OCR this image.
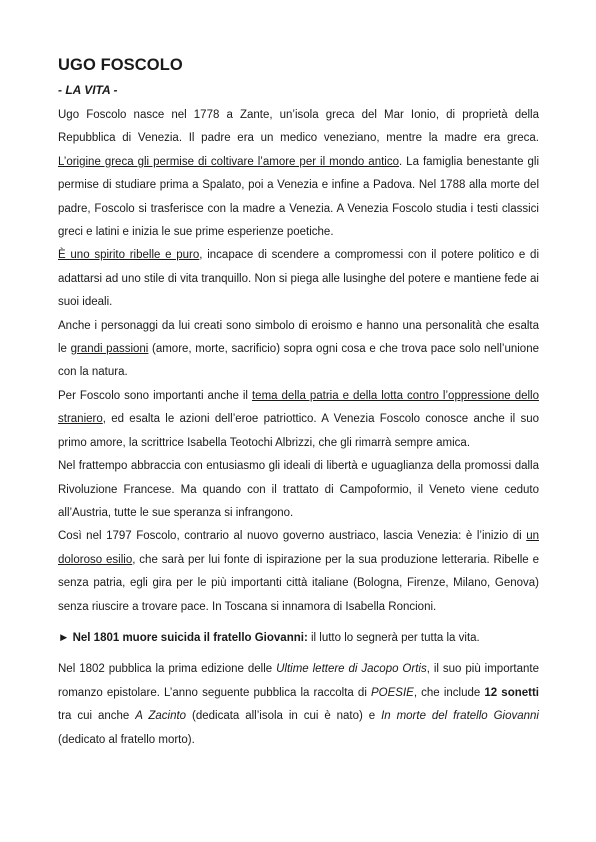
UGO FOSCOLO
- LA VITA -

Ugo Foscolo nasce nel 1778 a Zante, un’isola greca del Mar Ionio, di proprietà della Repubblica di Venezia. Il padre era un medico veneziano, mentre la madre era greca. L’origine greca gli permise di coltivare l’amore per il mondo antico. La famiglia benestante gli permise di studiare prima a Spalato, poi a Venezia e infine a Padova. Nel 1788 alla morte del padre, Foscolo si trasferisce con la madre a Venezia. A Venezia Foscolo studia i testi classici greci e latini e inizia le sue prime esperienze poetiche.

È uno spirito ribelle e puro, incapace di scendere a compromessi con il potere politico e di adattarsi ad uno stile di vita tranquillo. Non si piega alle lusinghe del potere e mantiene fede ai suoi ideali.

Anche i personaggi da lui creati sono simbolo di eroismo e hanno una personalità che esalta le grandi passioni (amore, morte, sacrificio) sopra ogni cosa e che trova pace solo nell’unione con la natura.

Per Foscolo sono importanti anche il tema della patria e della lotta contro l’oppressione dello straniero, ed esalta le azioni dell’eroe patriottico. A Venezia Foscolo conosce anche il suo primo amore, la scrittrice Isabella Teotochi Albrizzi, che gli rimarrà sempre amica.

Nel frattempo abbraccia con entusiasmo gli ideali di libertà e uguaglianza della promossi dalla Rivoluzione Francese. Ma quando con il trattato di Campoformio, il Veneto viene ceduto all’Austria, tutte le sue speranza si infrangono.

Così nel 1797 Foscolo, contrario al nuovo governo austriaco, lascia Venezia: è l’inizio di un doloroso esilio, che sarà per lui fonte di ispirazione per la sua produzione letteraria. Ribelle e senza patria, egli gira per le più importanti città italiane (Bologna, Firenze, Milano, Genova) senza riuscire a trovare pace. In Toscana si innamora di Isabella Roncioni.

► Nel 1801 muore suicida il fratello Giovanni: il lutto lo segnerà per tutta la vita.

Nel 1802 pubblica la prima edizione delle Ultime lettere di Jacopo Ortis, il suo più importante romanzo epistolare. L’anno seguente pubblica la raccolta di POESIE, che include 12 sonetti tra cui anche A Zacinto (dedicata all’isola in cui è nato) e In morte del fratello Giovanni (dedicato al fratello morto).
